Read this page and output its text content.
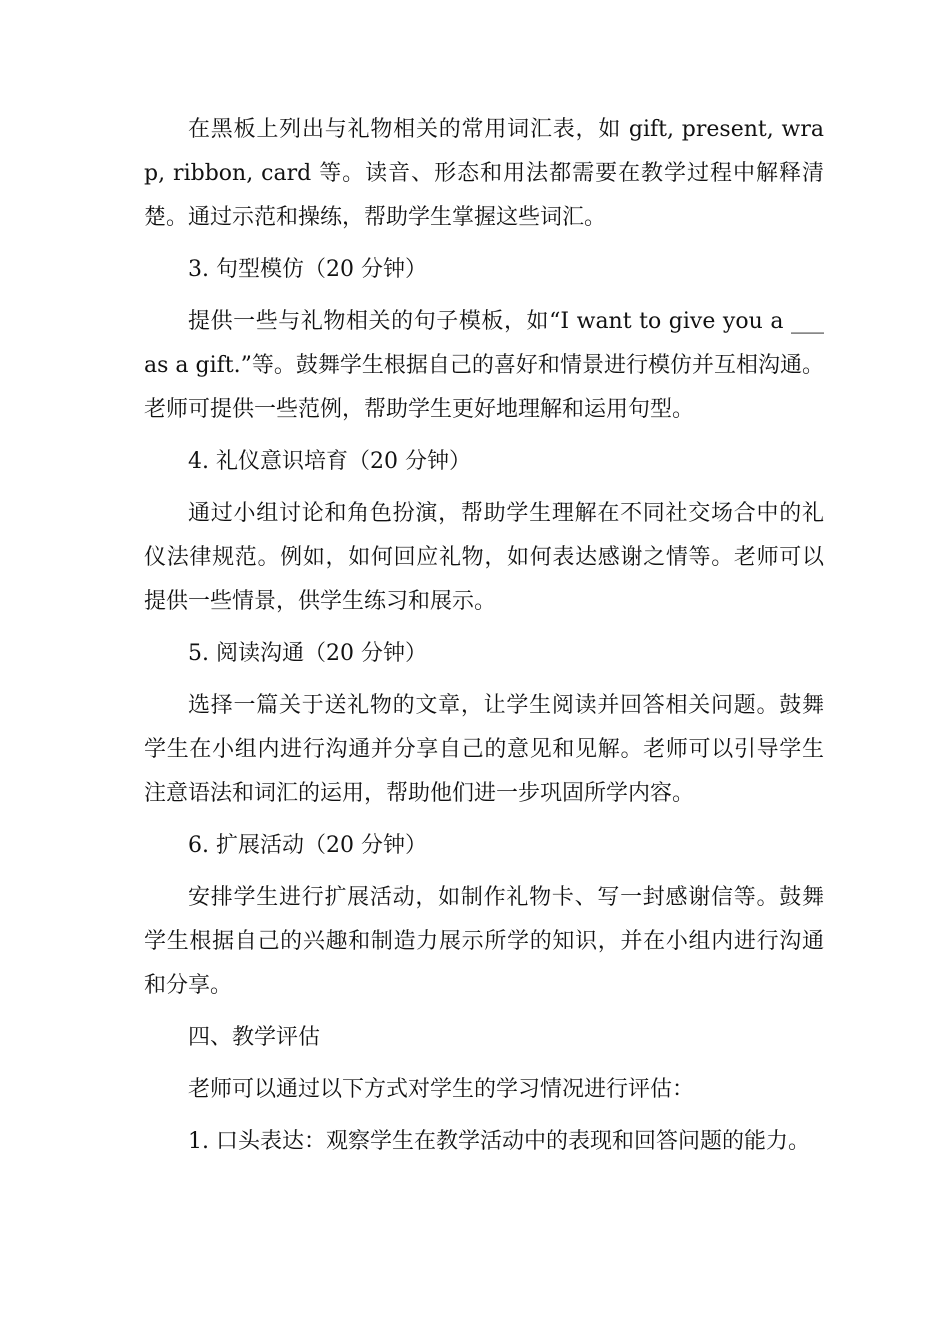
在黑板上列出与礼物相关的常用词汇表，如 gift, present, wrap, ribbon, card 等。读音、形态和用法都需要在教学过程中解释清楚。通过示范和操练，帮助学生掌握这些词汇。

3. 句型模仿（20 分钟）

提供一些与礼物相关的句子模板，如“I want to give you a ___ as a gift.”等。鼓舞学生根据自己的喜好和情景进行模仿并互相沟通。老师可提供一些范例，帮助学生更好地理解和运用句型。

4. 礼仪意识培育（20 分钟）

通过小组讨论和角色扮演，帮助学生理解在不同社交场合中的礼仪法律规范。例如，如何回应礼物，如何表达感谢之情等。老师可以提供一些情景，供学生练习和展示。

5. 阅读沟通（20 分钟）

选择一篇关于送礼物的文章，让学生阅读并回答相关问题。鼓舞学生在小组内进行沟通并分享自己的意见和见解。老师可以引导学生注意语法和词汇的运用，帮助他们进一步巩固所学内容。

6. 扩展活动（20 分钟）

安排学生进行扩展活动，如制作礼物卡、写一封感谢信等。鼓舞学生根据自己的兴趣和制造力展示所学的知识，并在小组内进行沟通和分享。

四、教学评估

老师可以通过以下方式对学生的学习情况进行评估：

1. 口头表达：观察学生在教学活动中的表现和回答问题的能力。
